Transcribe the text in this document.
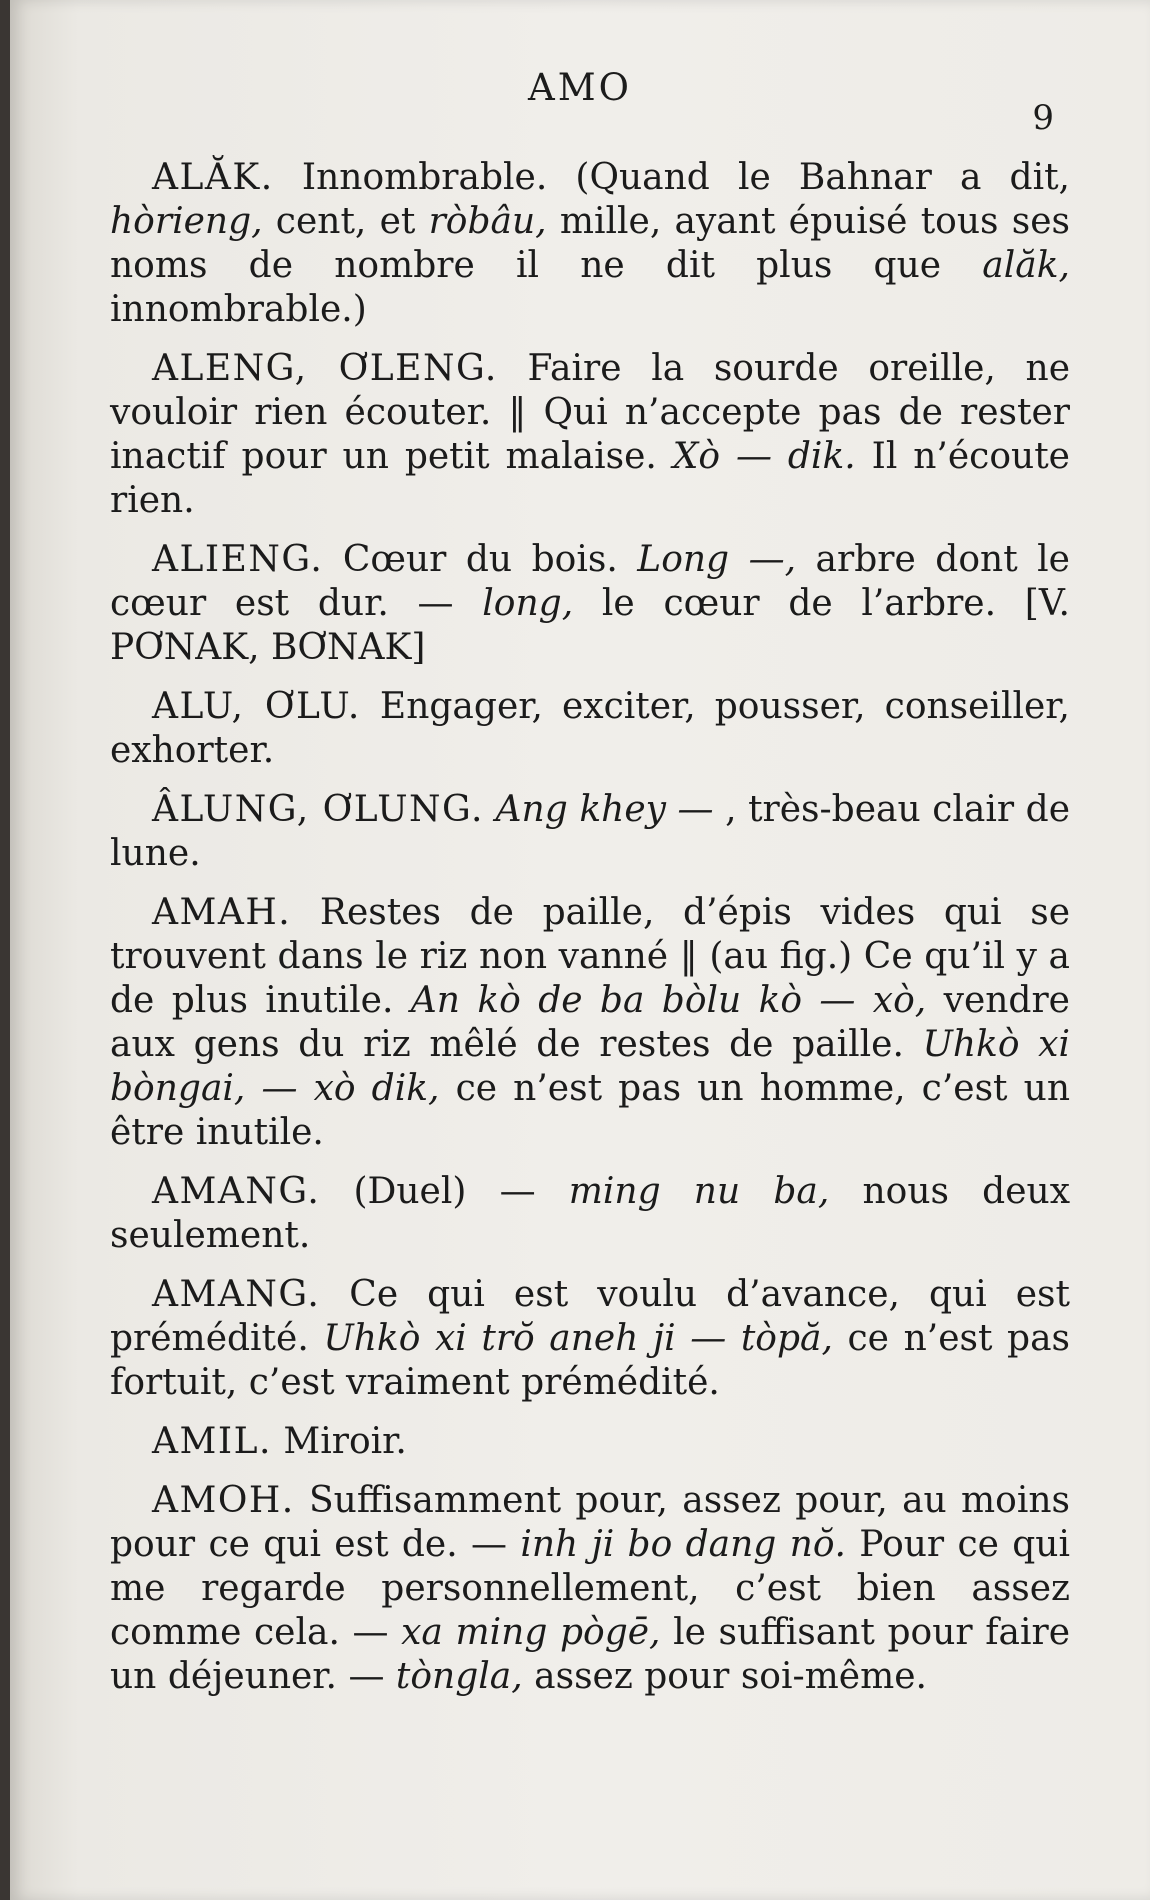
AMO
9

ALĂK. Innombrable. (Quand le Bahnar a dit, hòrieng, cent, et ròbâu, mille, ayant épuisé tous ses noms de nombre il ne dit plus que alăk, innombrable.)

ALENG, ƠLENG. Faire la sourde oreille, ne vouloir rien écouter. ‖ Qui n’accepte pas de rester inactif pour un petit malaise. Xò — dik. Il n’écoute rien.

ALIENG. Cœur du bois. Long —, arbre dont le cœur est dur. — long, le cœur de l’arbre. [V. PƠNAK, BƠNAK]

ALU, ƠLU. Engager, exciter, pousser, conseiller, exhorter.

ÂLUNG, ƠLUNG. Ang khey — , très-beau clair de lune.

AMAH. Restes de paille, d’épis vides qui se trouvent dans le riz non vanné ‖ (au fig.) Ce qu’il y a de plus inutile. An kò de ba bòlu kò — xò, vendre aux gens du riz mêlé de restes de paille. Uhkò xi bòngai, — xò dik, ce n’est pas un homme, c’est un être inutile.

AMANG. (Duel) — ming nu ba, nous deux seulement.

AMANG. Ce qui est voulu d’avance, qui est prémédité. Uhkò xi trŏ aneh ji — tòpă, ce n’est pas fortuit, c’est vraiment prémédité.

AMIL. Miroir.

AMOH. Suffisamment pour, assez pour, au moins pour ce qui est de. — inh ji bo dang nŏ. Pour ce qui me regarde personnellement, c’est bien assez comme cela. — xa ming pògē, le suffisant pour faire un déjeuner. — tòngla, assez pour soi-même.
